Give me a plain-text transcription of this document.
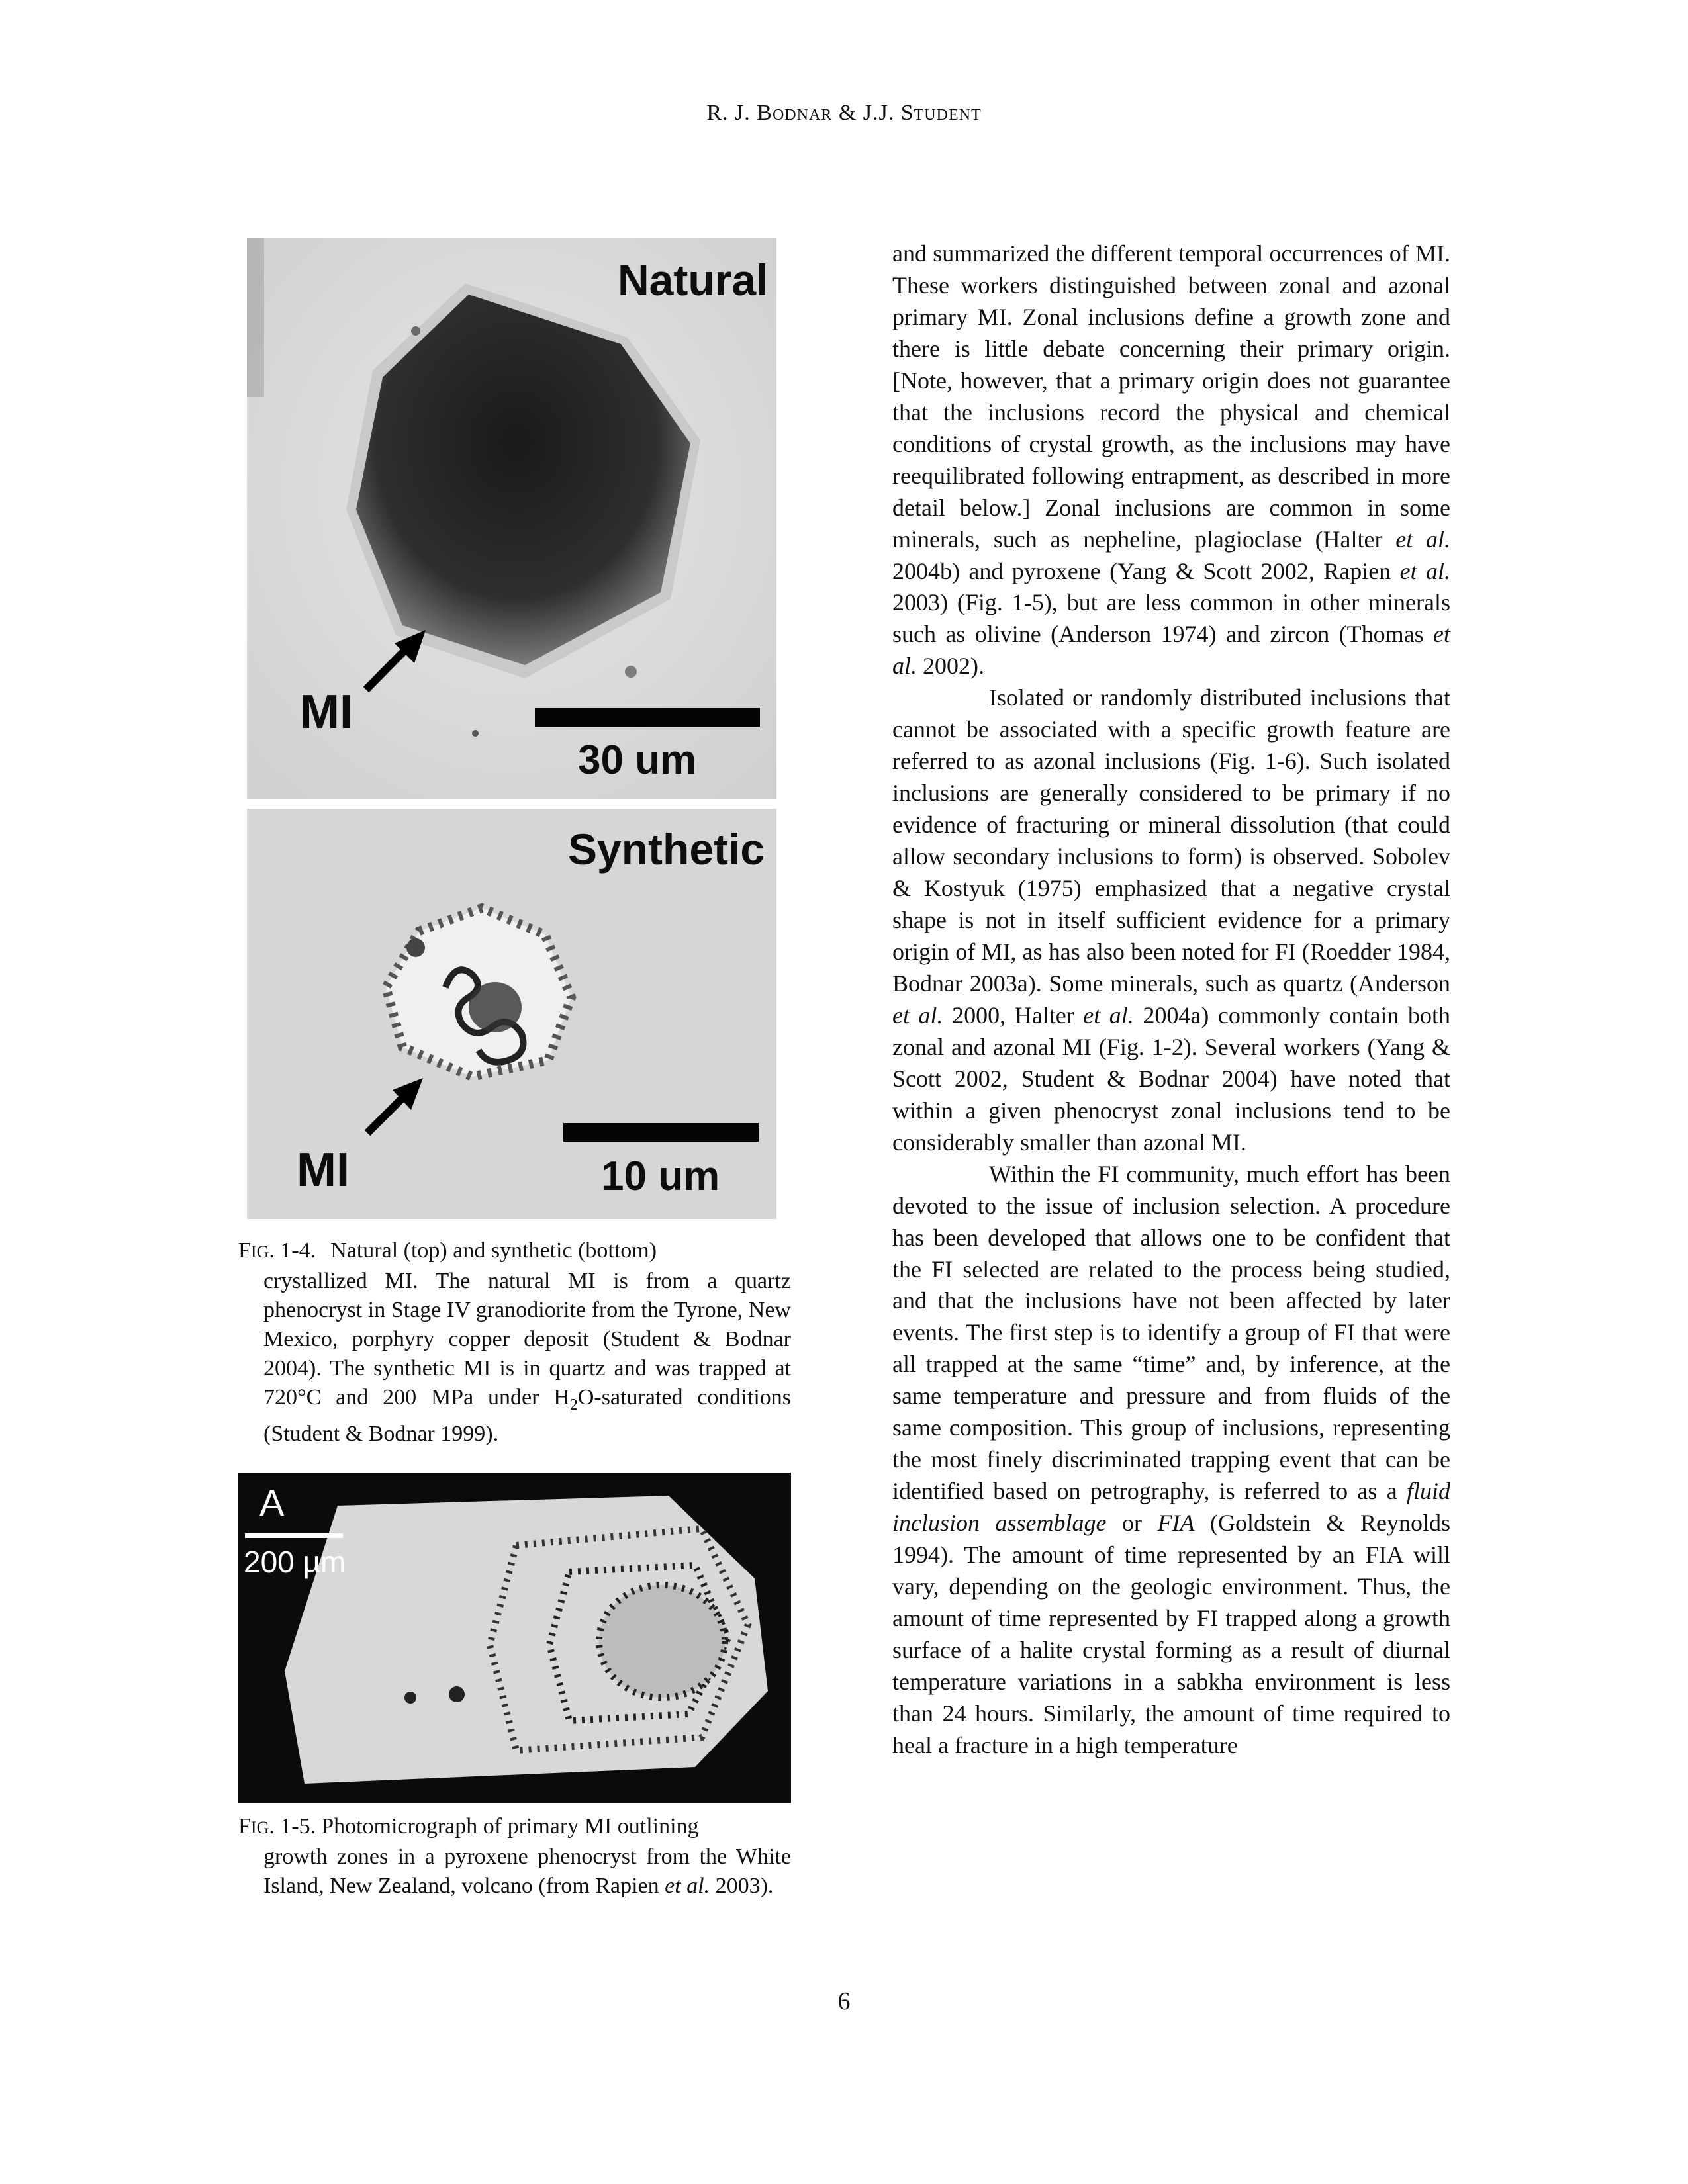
R. J. Bodnar & J.J. Student
Natural
MI
30 um
Synthetic
MI	10 um
FIG. 1-4. Natural (top) and synthetic (bottom)
crystallized MI. The natural MI is from a quartz phenocryst in Stage IV granodiorite from the Tyrone, New Mexico, porphyry copper deposit (Student & Bodnar 2004). The synthetic MI is in quartz and was trapped at 720°C and 200 MPa under $H_2O$-saturated conditions (Student & Bodnar 1999).
A
200 µm
FIG. 1-5. Photomicrograph of primary MI outlining
growth zones in a pyroxene phenocryst from the White Island, New Zealand, volcano (from Rapien et al. 2003).

and summarized the different temporal occurrences of MI. These workers distinguished between zonal and azonal primary MI. Zonal inclusions define a growth zone and there is little debate concerning their primary origin. [Note, however, that a primary origin does not guarantee that the inclusions record the physical and chemical conditions of crystal growth, as the inclusions may have reequilibrated following entrapment, as described in more detail below.] Zonal inclusions are common in some minerals, such as nepheline, plagioclase (Halter et al. 2004b) and pyroxene (Yang & Scott 2002, Rapien et al. 2003) (Fig. 1-5), but are less common in other minerals such as olivine (Anderson 1974) and zircon (Thomas et al. 2002).

Isolated or randomly distributed inclusions that cannot be associated with a specific growth feature are referred to as azonal inclusions (Fig. 1-6). Such isolated inclusions are generally considered to be primary if no evidence of fracturing or mineral dissolution (that could allow secondary inclusions to form) is observed. Sobolev & Kostyuk (1975) emphasized that a negative crystal shape is not in itself sufficient evidence for a primary origin of MI, as has also been noted for FI (Roedder 1984, Bodnar 2003a). Some minerals, such as quartz (Anderson et al. 2000, Halter et al. 2004a) commonly contain both zonal and azonal MI (Fig. 1-2). Several workers (Yang & Scott 2002, Student & Bodnar 2004) have noted that within a given phenocryst zonal inclusions tend to be considerably smaller than azonal MI.

Within the FI community, much effort has been devoted to the issue of inclusion selection. A procedure has been developed that allows one to be confident that the FI selected are related to the process being studied, and that the inclusions have not been affected by later events. The first step is to identify a group of FI that were all trapped at the same “time” and, by inference, at the same temperature and pressure and from fluids of the same composition. This group of inclusions, representing the most finely discriminated trapping event that can be identified based on petrography, is referred to as a fluid inclusion assemblage or FIA (Goldstein & Reynolds 1994). The amount of time represented by an FIA will vary, depending on the geologic environment. Thus, the amount of time represented by FI trapped along a growth surface of a halite crystal forming as a result of diurnal temperature variations in a sabkha environment is less than 24 hours. Similarly, the amount of time required to heal a fracture in a high temperature

6
